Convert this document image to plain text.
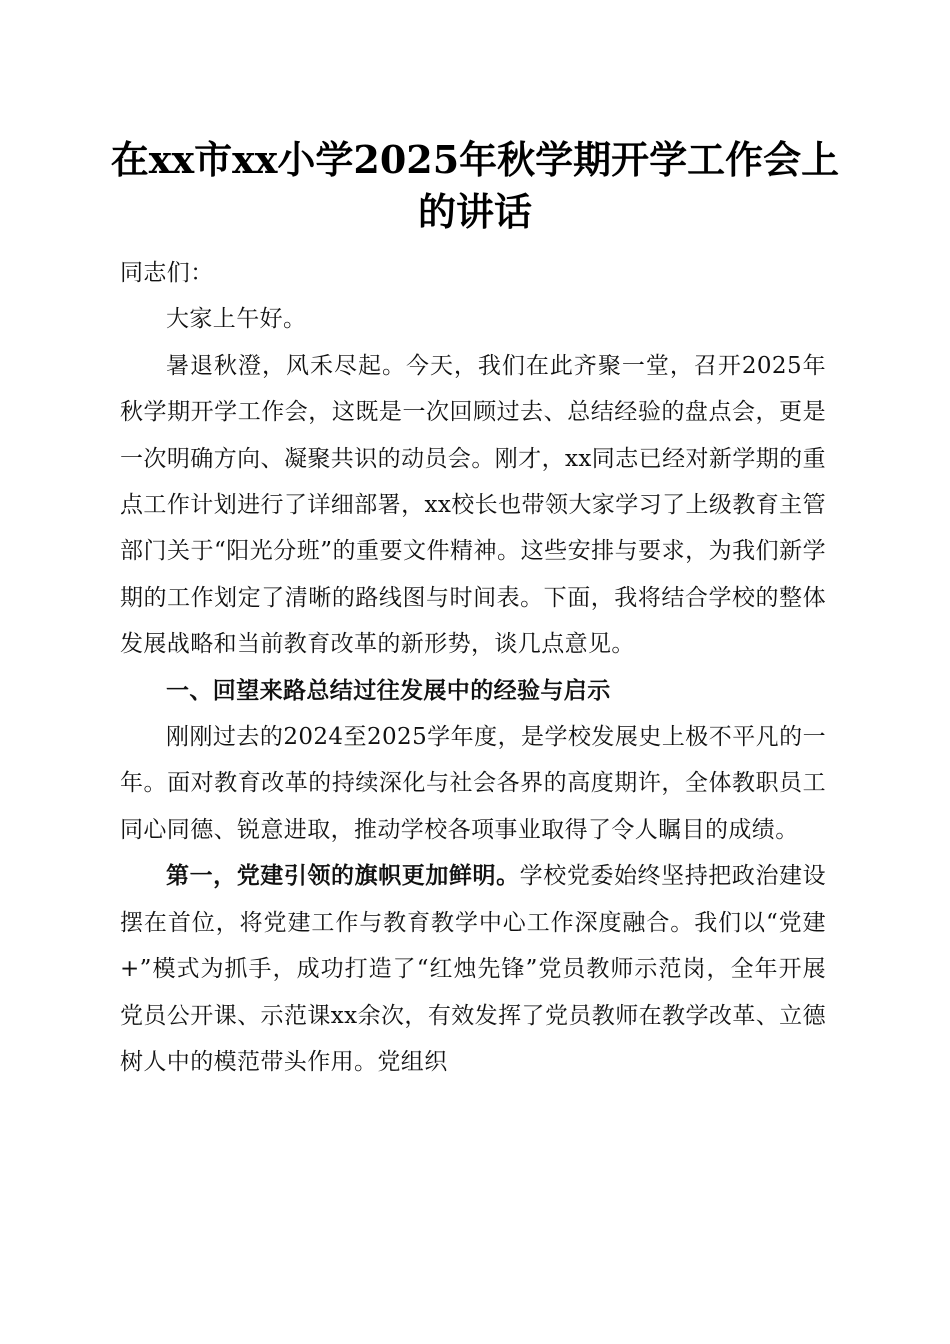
在xx市xx小学2025年秋学期开学工作会上的讲话

同志们：

大家上午好。

暑退秋澄，风禾尽起。今天，我们在此齐聚一堂，召开2025年秋学期开学工作会，这既是一次回顾过去、总结经验的盘点会，更是一次明确方向、凝聚共识的动员会。刚才，xx同志已经对新学期的重点工作计划进行了详细部署，xx校长也带领大家学习了上级教育主管部门关于“阳光分班”的重要文件精神。这些安排与要求，为我们新学期的工作划定了清晰的路线图与时间表。下面，我将结合学校的整体发展战略和当前教育改革的新形势，谈几点意见。

一、回望来路总结过往发展中的经验与启示

刚刚过去的2024至2025学年度，是学校发展史上极不平凡的一年。面对教育改革的持续深化与社会各界的高度期许，全体教职员工同心同德、锐意进取，推动学校各项事业取得了令人瞩目的成绩。

第一，党建引领的旗帜更加鲜明。学校党委始终坚持把政治建设摆在首位，将党建工作与教育教学中心工作深度融合。我们以“党建+”模式为抓手，成功打造了“红烛先锋”党员教师示范岗，全年开展党员公开课、示范课xx余次，有效发挥了党员教师在教学改革、立德树人中的模范带头作用。党组织
